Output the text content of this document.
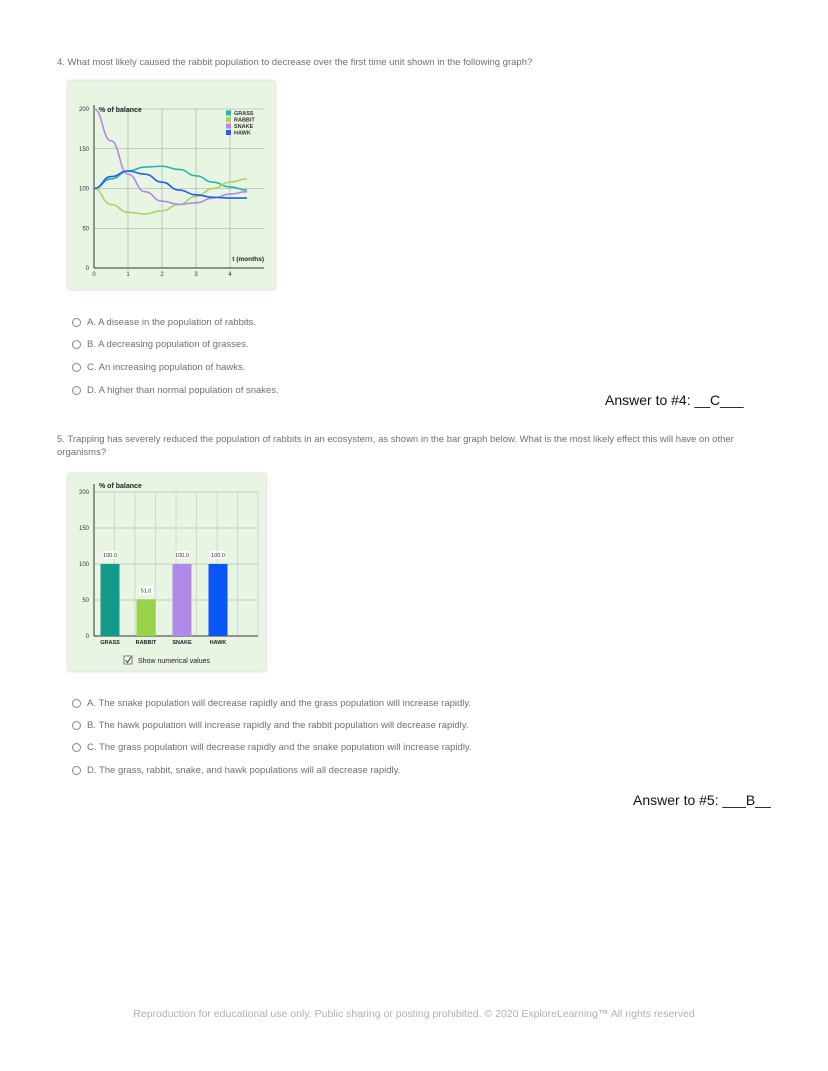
4. What most likely caused the rabbit population to decrease over the first time unit shown in the following graph?
0
50
100
150
200
0	1	2	3	4
% of balance
t (months)
GRASS
RABBIT
SNAKE
HAWK
A. A disease in the population of rabbits.
B. A decreasing population of grasses.
C. An increasing population of hawks.
D. A higher than normal population of snakes.
Answer to #4: __C___
5. Trapping has severely reduced the population of rabbits in an ecosystem, as shown in the bar graph below. What is the most likely effect this will have on other
organisms?
0
50
100
150
200
% of balance
100.0
GRASS
51.0
RABBIT
100.0
SNAKE
100.0
HAWK
Show numerical values
A. The snake population will decrease rapidly and the grass population will increase rapidly.
B. The hawk population will increase rapidly and the rabbit population will decrease rapidly.
C. The grass population will decrease rapidly and the snake population will increase rapidly.
D. The grass, rabbit, snake, and hawk populations will all decrease rapidly.
Answer to #5: ___B__
Reproduction for educational use only. Public sharing or posting prohibited. © 2020 ExploreLearning™ All rights reserved
